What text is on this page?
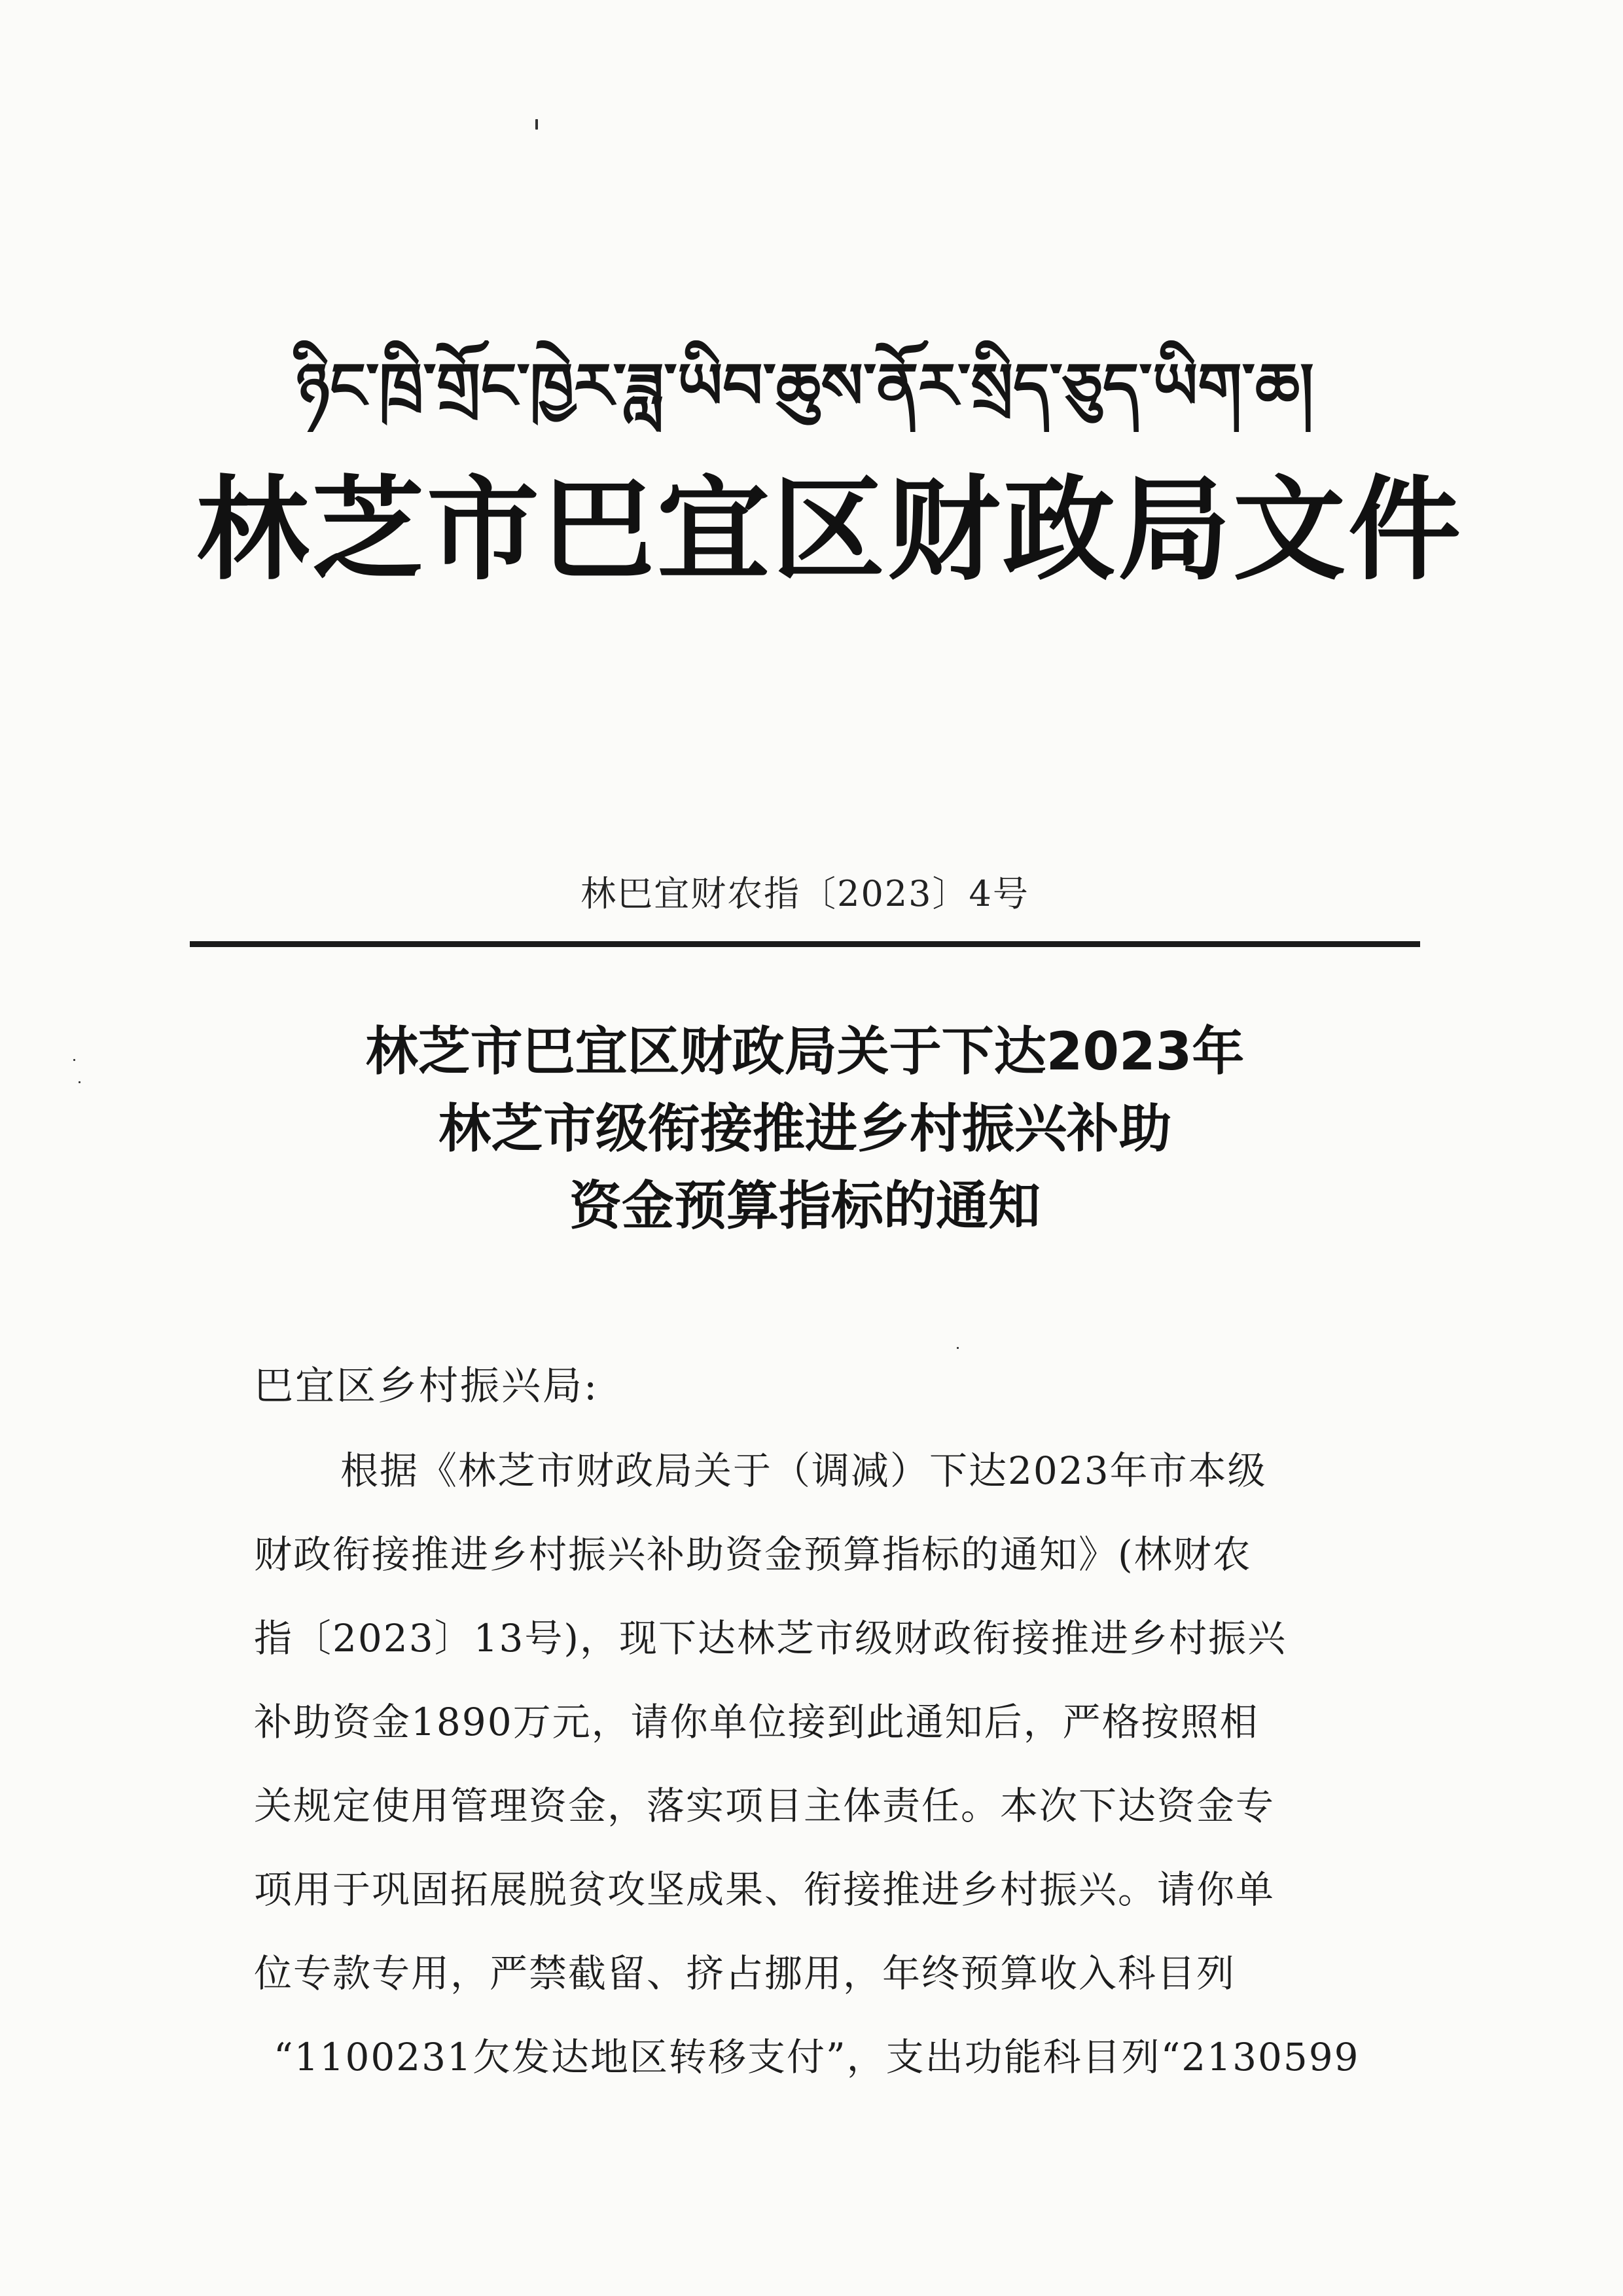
ཉིང་ཁྲི་གྲོང་ཁྱེར་ཟླ་ཡིབ་ཆུས་ནོར་སྲིད་ཅུད་ཡིག་ཆ།
林芝市巴宜区财政局文件
林巴宜财农指〔2023〕4号
林芝市巴宜区财政局关于下达2023年
林芝市级衔接推进乡村振兴补助
资金预算指标的通知
巴宜区乡村振兴局:
根据《林芝市财政局关于（调减）下达2023年市本级
财政衔接推进乡村振兴补助资金预算指标的通知》(林财农
指〔2023〕13号)，现下达林芝市级财政衔接推进乡村振兴
补助资金1890万元，请你单位接到此通知后，严格按照相
关规定使用管理资金，落实项目主体责任。本次下达资金专
项用于巩固拓展脱贫攻坚成果、衔接推进乡村振兴。请你单
位专款专用，严禁截留、挤占挪用，年终预算收入科目列
“1100231欠发达地区转移支付”，支出功能科目列“2130599
